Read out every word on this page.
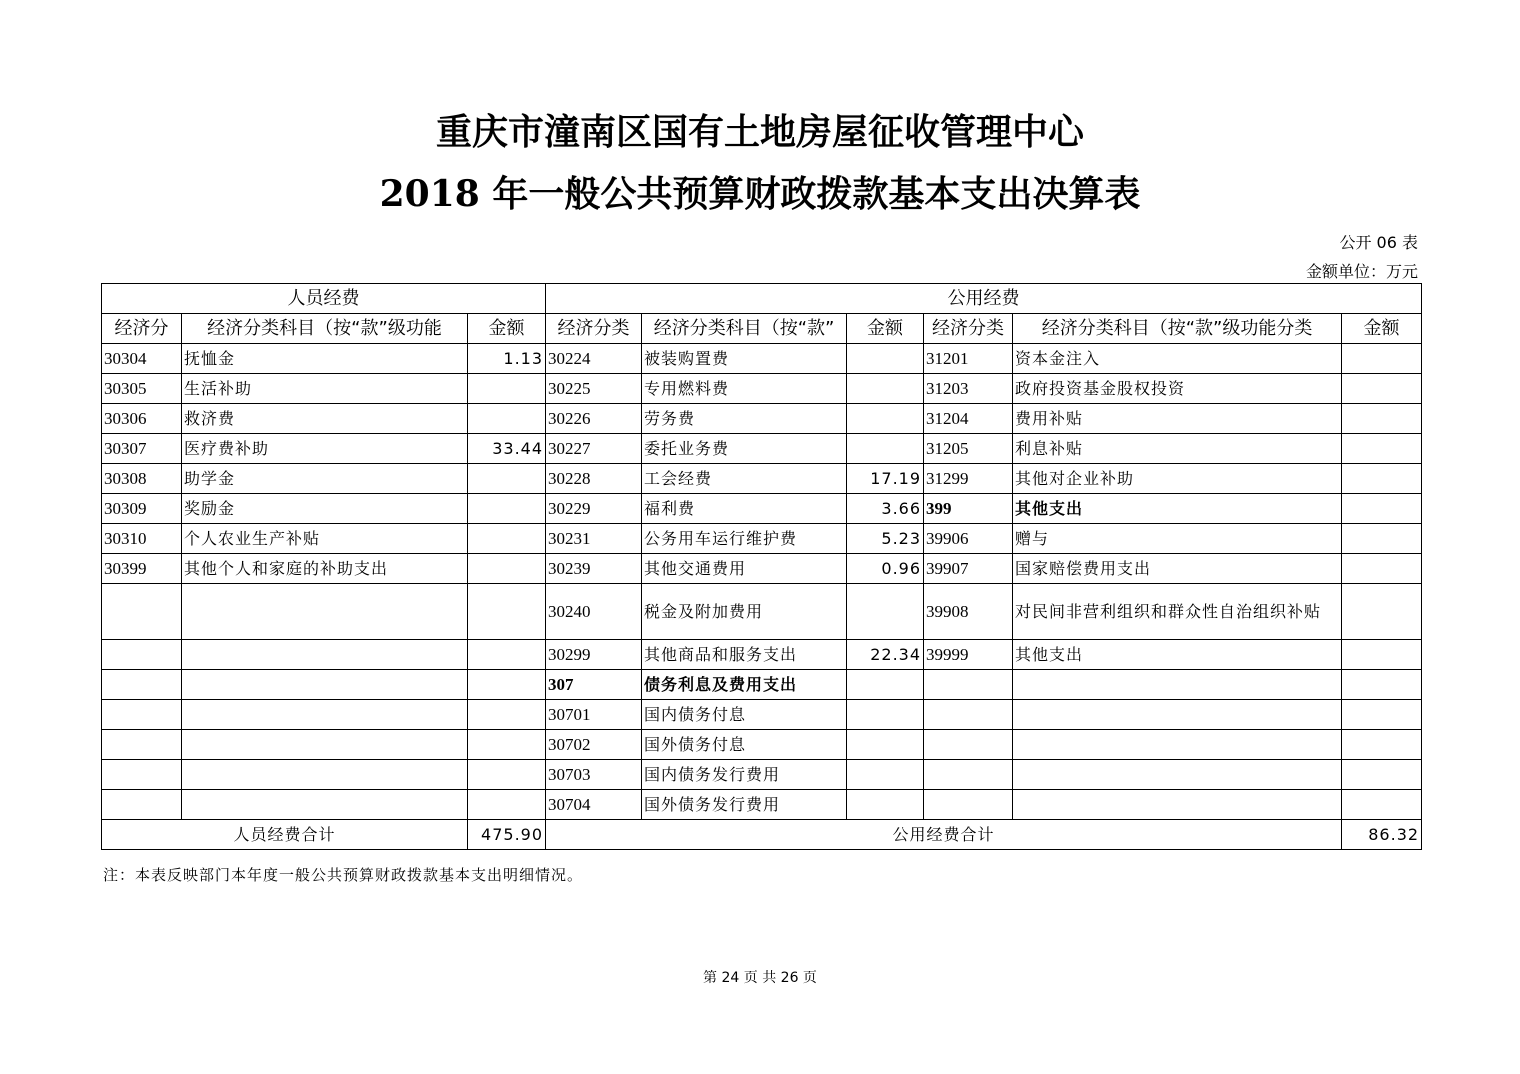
重庆市潼南区国有土地房屋征收管理中心
2018 年一般公共预算财政拨款基本支出决算表
公开 06 表
金额单位：万元
人员经费			公用经费					
经济分	经济分类科目（按“款”级功能	金额	经济分类	经济分类科目（按“款”	金额	经济分类	经济分类科目（按“款”级功能分类	金额
30304	抚恤金	1.13	30224	被装购置费		31201	资本金注入	
30305	生活补助		30225	专用燃料费		31203	政府投资基金股权投资	
30306	救济费		30226	劳务费		31204	费用补贴	
30307	医疗费补助	33.44	30227	委托业务费		31205	利息补贴	
30308	助学金		30228	工会经费	17.19	31299	其他对企业补助	
30309	奖励金		30229	福利费	3.66	399	其他支出	
30310	个人农业生产补贴		30231	公务用车运行维护费	5.23	39906	赠与	
30399	其他个人和家庭的补助支出		30239	其他交通费用	0.96	39907	国家赔偿费用支出	
			30240	税金及附加费用		39908	对民间非营利组织和群众性自治组织补贴	
			30299	其他商品和服务支出	22.34	39999	其他支出	
			307	债务利息及费用支出				
			30701	国内债务付息				
			30702	国外债务付息				
			30703	国内债务发行费用				
			30704	国外债务发行费用				
人员经费合计		475.90	公用经费合计					86.32
注：本表反映部门本年度一般公共预算财政拨款基本支出明细情况。
第 24 页 共 26 页
